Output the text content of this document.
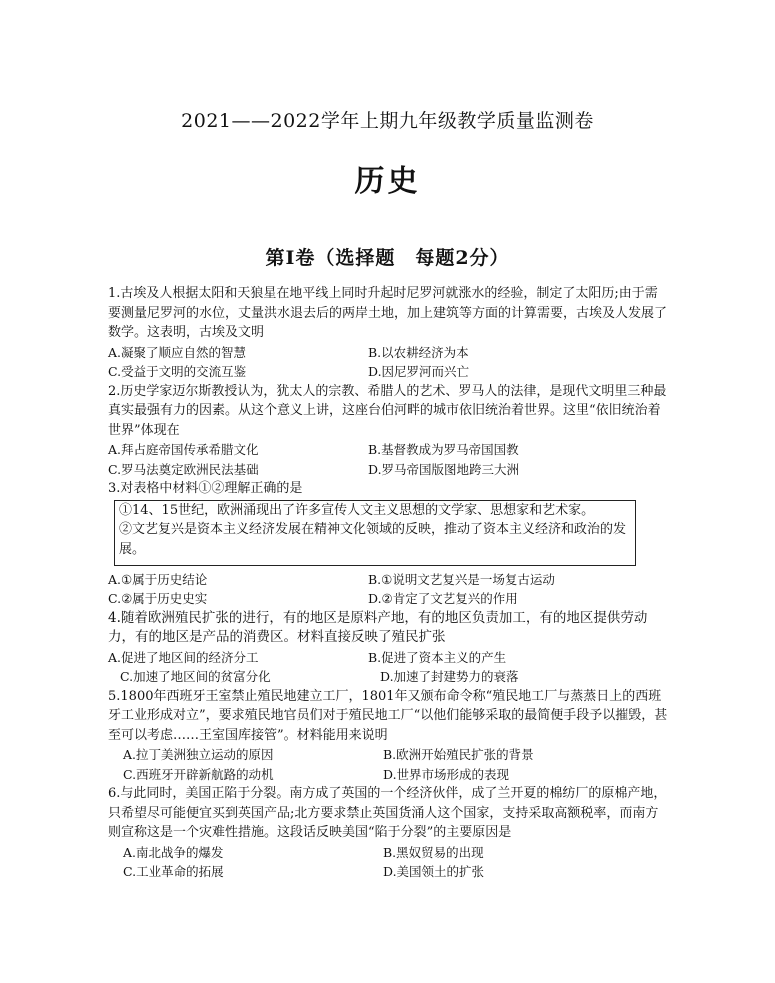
2021——2022学年上期九年级教学质量监测卷
历史
第Ⅰ卷（选择题　每题2分）

1.古埃及人根据太阳和天狼星在地平线上同时升起时尼罗河就涨水的经验，制定了太阳历;由于需要测量尼罗河的水位，丈量洪水退去后的两岸土地，加上建筑等方面的计算需要，古埃及人发展了数学。这表明，古埃及文明

A.凝聚了顺应自然的智慧	B.以农耕经济为本
C.受益于文明的交流互鉴	D.因尼罗河而兴亡

2.历史学家迈尔斯教授认为，犹太人的宗教、希腊人的艺术、罗马人的法律，是现代文明里三种最真实最强有力的因素。从这个意义上讲，这座台伯河畔的城市依旧统治着世界。这里“依旧统治着世界”体现在

A.拜占庭帝国传承希腊文化	B.基督教成为罗马帝国国教
C.罗马法奠定欧洲民法基础	D.罗马帝国版图地跨三大洲

3.对表格中材料①②理解正确的是

①14、15世纪，欧洲涌现出了许多宣传人文主义思想的文学家、思想家和艺术家。

②文艺复兴是资本主义经济发展在精神文化领域的反映，推动了资本主义经济和政治的发展。

A.①属于历史结论	B.①说明文艺复兴是一场复古运动
C.②属于历史史实	D.②肯定了文艺复兴的作用

4.随着欧洲殖民扩张的进行，有的地区是原料产地，有的地区负责加工，有的地区提供劳动力，有的地区是产品的消费区。材料直接反映了殖民扩张

A.促进了地区间的经济分工	B.促进了资本主义的产生
C.加速了地区间的贫富分化	D.加速了封建势力的衰落

5.1800年西班牙王室禁止殖民地建立工厂，1801年又颁布命令称“殖民地工厂与蒸蒸日上的西班牙工业形成对立”，要求殖民地官员们对于殖民地工厂“以他们能够采取的最简便手段予以摧毁，甚至可以考虑……王室国库接管”。材料能用来说明

A.拉丁美洲独立运动的原因	B.欧洲开始殖民扩张的背景
C.西班牙开辟新航路的动机	D.世界市场形成的表现

6.与此同时，美国正陷于分裂。南方成了英国的一个经济伙伴，成了兰开夏的棉纺厂的原棉产地，只希望尽可能便宜买到英国产品;北方要求禁止英国货涌人这个国家，支持采取高额税率，而南方则宣称这是一个灾难性措施。这段话反映美国“陷于分裂”的主要原因是

A.南北战争的爆发	B.黑奴贸易的出现
C.工业革命的拓展	D.美国领土的扩张
